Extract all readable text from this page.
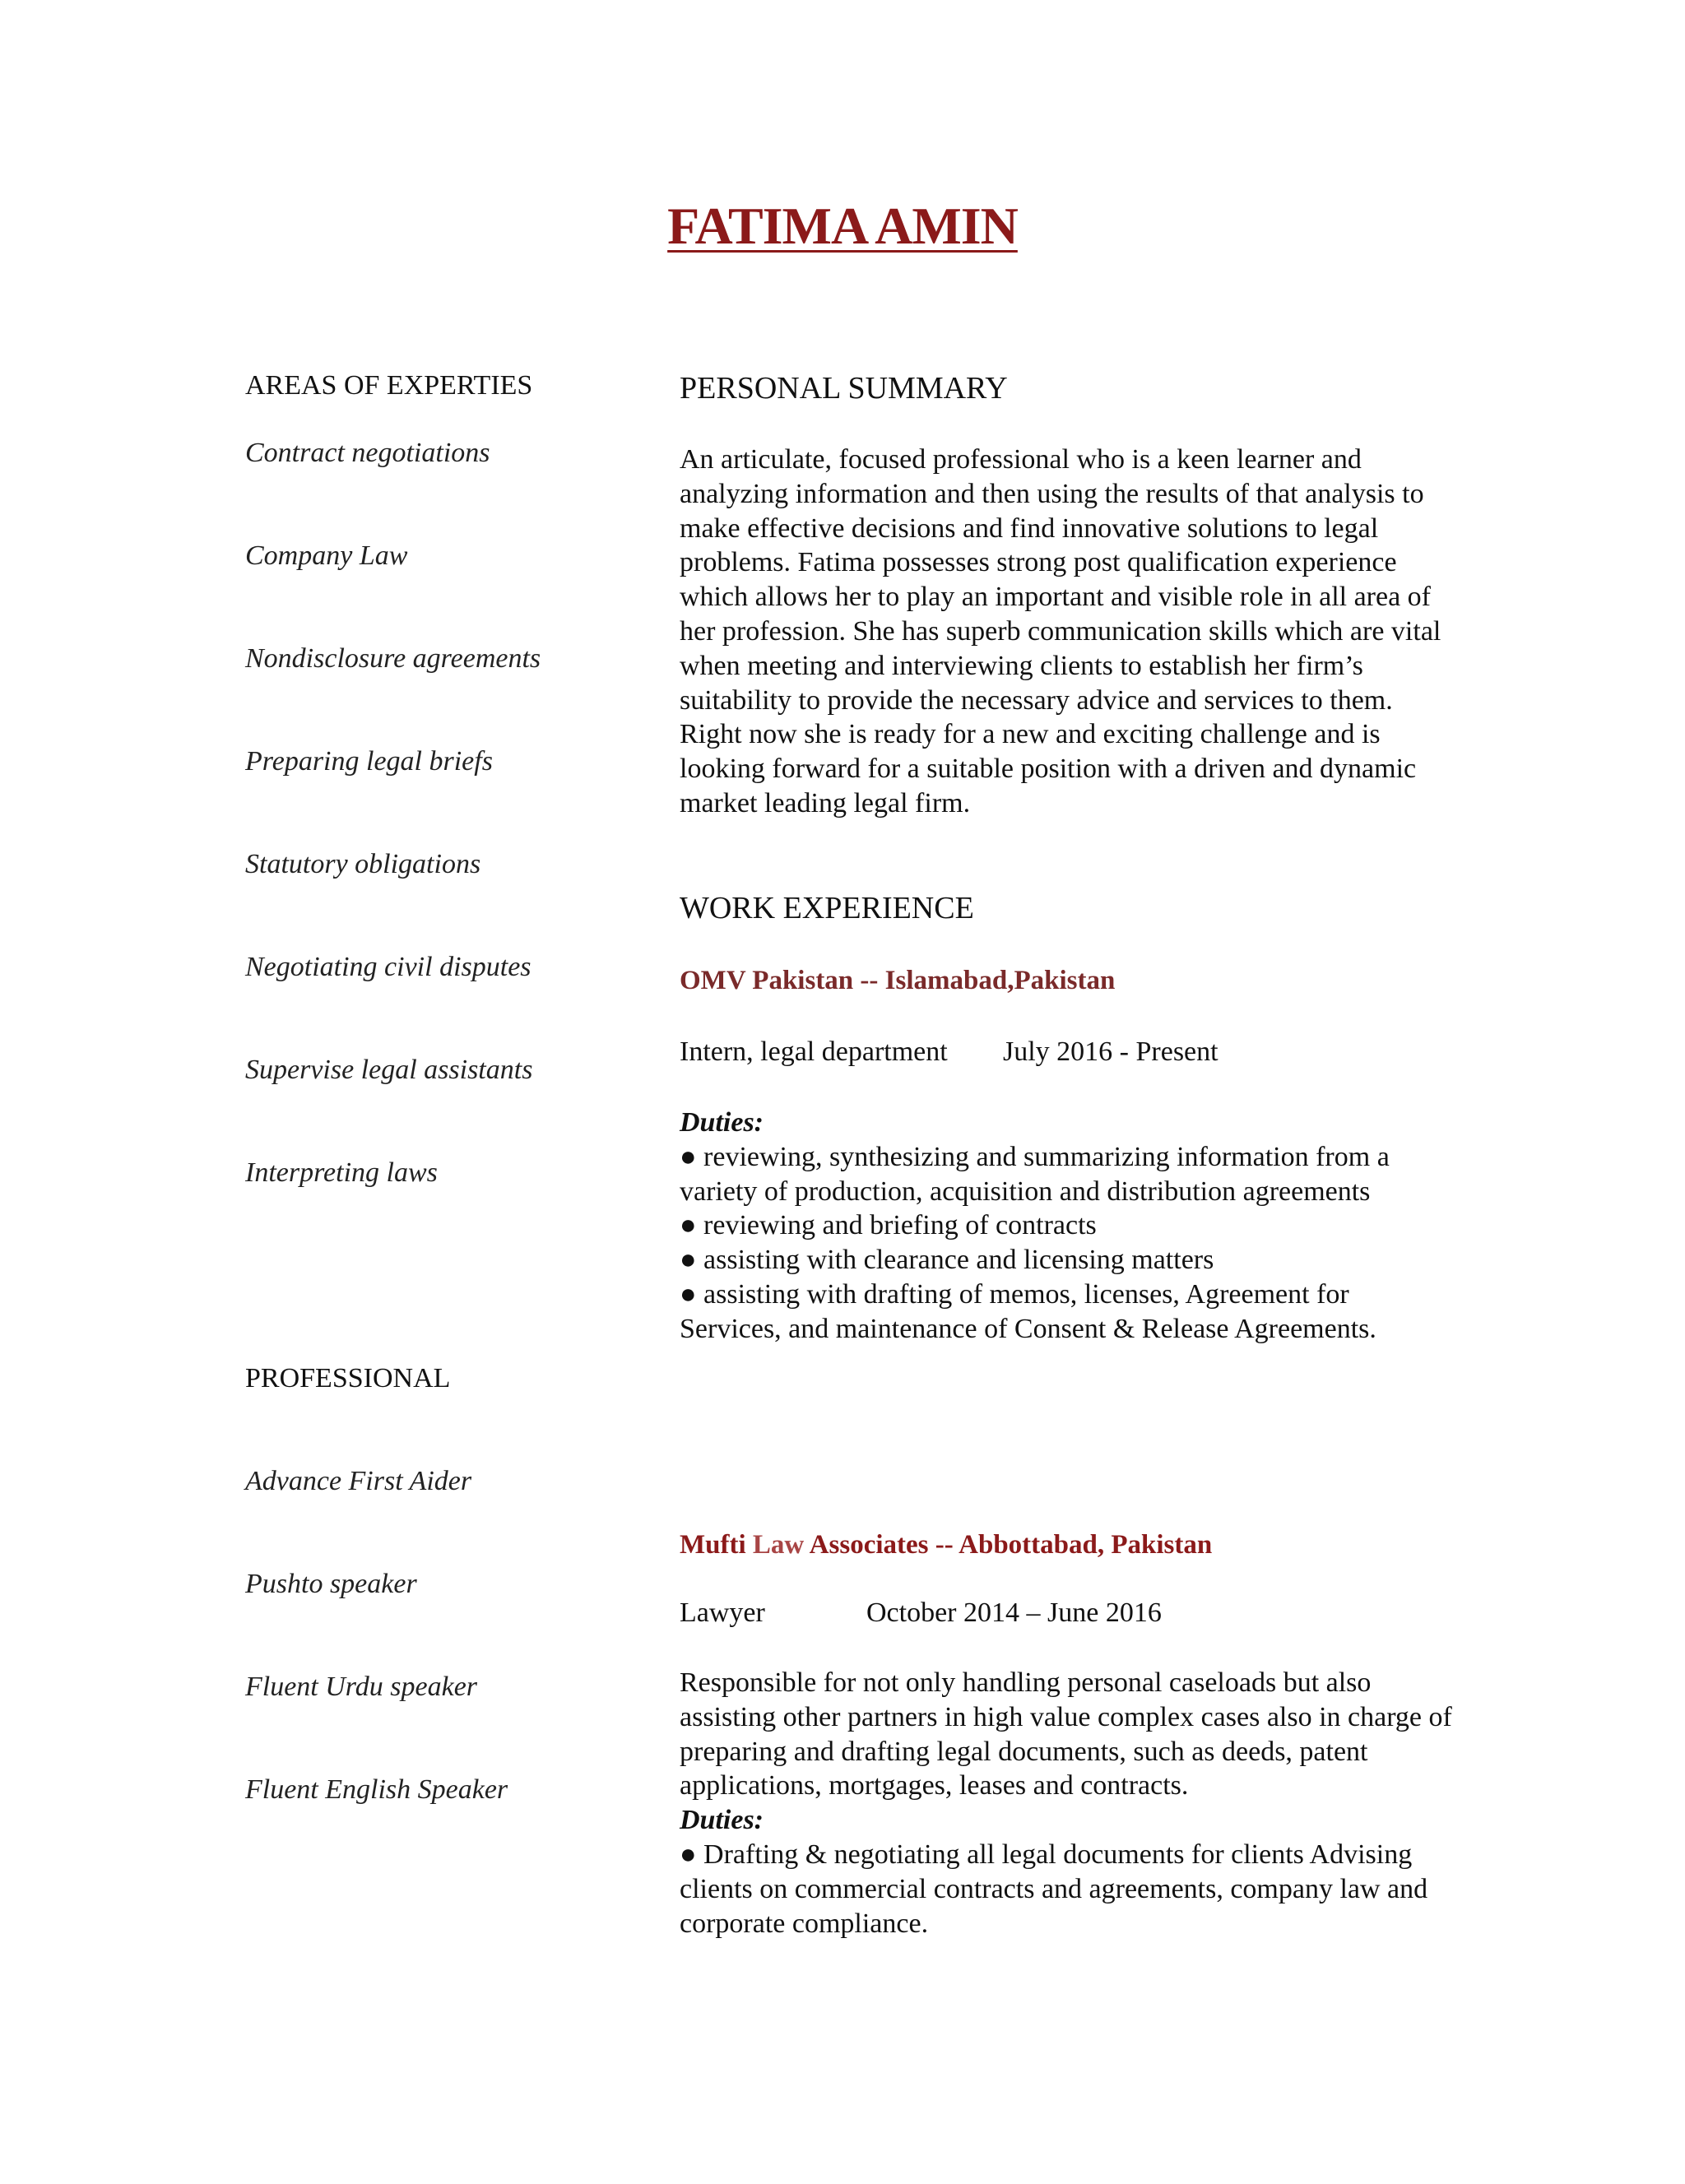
FATIMA AMIN
AREAS OF EXPERTIES
Contract negotiations
Company Law
Nondisclosure agreements
Preparing legal briefs
Statutory obligations
Negotiating civil disputes
Supervise legal assistants
Interpreting laws
PROFESSIONAL
Advance First Aider
Pushto speaker
Fluent Urdu speaker
Fluent English Speaker
PERSONAL SUMMARY
An articulate, focused professional who is a keen learner and analyzing information and then using the results of that analysis to make effective decisions and find innovative solutions to legal problems. Fatima possesses strong post qualification experience which allows her to play an important and visible role in all area of her profession. She has superb communication skills which are vital when meeting and interviewing clients to establish her firm’s suitability to provide the necessary advice and services to them. Right now she is ready for a new and exciting challenge and is looking forward for a suitable position with a driven and dynamic market leading legal firm.
WORK EXPERIENCE
OMV Pakistan -- Islamabad,Pakistan
Intern, legal department July 2016 - Present
Duties:
● reviewing, synthesizing and summarizing information from a variety of production, acquisition and distribution agreements
● reviewing and briefing of contracts
● assisting with clearance and licensing matters
● assisting with drafting of memos, licenses, Agreement for Services, and maintenance of Consent & Release Agreements.
Mufti Law Associates -- Abbottabad, Pakistan
Lawyer	October 2014 – June 2016
Responsible for not only handling personal caseloads but also assisting other partners in high value complex cases also in charge of preparing and drafting legal documents, such as deeds, patent applications, mortgages, leases and contracts.
Duties:
● Drafting & negotiating all legal documents for clients Advising clients on commercial contracts and agreements, company law and corporate compliance.
